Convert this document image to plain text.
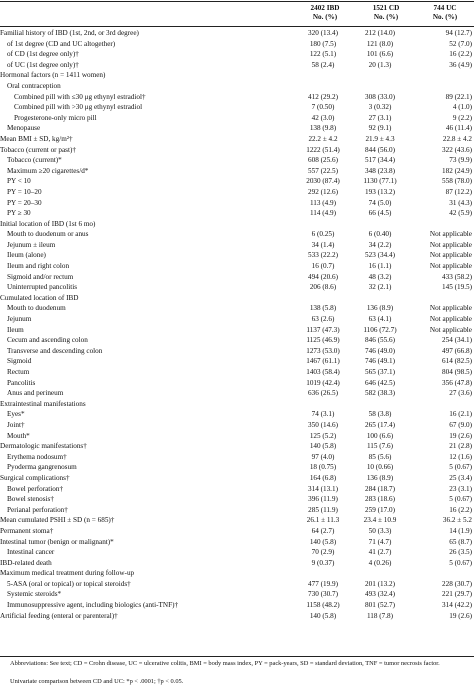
2402 IBD
No. (%)
1521 CD
No. (%)
744 UC
No. (%)
Familial history of IBD (1st, 2nd, or 3rd degree)	320 (13.4)	212 (14.0)	94 (12.7)
of 1st degree (CD and UC altogether)	180 (7.5)	121 (8.0)	52 (7.0)
of CD (1st degree only)†	122 (5.1)	101 (6.6)	16 (2.2)
of UC (1st degree only)†	58 (2.4)	20 (1.3)	36 (4.9)
Hormonal factors (n = 1411 women)			
Oral contraception			
Combined pill with ≤30 μg ethynyl estradiol†	412 (29.2)	308 (33.0)	89 (22.1)
Combined pill with >30 μg ethynyl estradiol	7 (0.50)	3 (0.32)	4 (1.0)
Progesterone-only micro pill	42 (3.0)	27 (3.1)	9 (2.2)
Menopause	138 (9.8)	92 (9.1)	46 (11.4)
Mean BMI ± SD, kg/m²†	22.2 ± 4.2	21.9 ± 4.3	22.8 ± 4.2
Tobacco (current or past)†	1222 (51.4)	844 (56.0)	322 (43.6)
Tobacco (current)*	608 (25.6)	517 (34.4)	73 (9.9)
Maximum ≥20 cigarettes/d*	557 (22.5)	348 (23.8)	182 (24.9)
PY < 10	2030 (87.4)	1130 (77.1)	558 (78.0)
PY = 10–20	292 (12.6)	193 (13.2)	87 (12.2)
PY = 20–30	113 (4.9)	74 (5.0)	31 (4.3)
PY ≥ 30	114 (4.9)	66 (4.5)	42 (5.9)
Initial location of IBD (1st 6 mo)			
Mouth to duodenum or anus	6 (0.25)	6 (0.40)	Not applicable
Jejunum ± ileum	34 (1.4)	34 (2.2)	Not applicable
Ileum (alone)	533 (22.2)	523 (34.4)	Not applicable
Ileum and right colon	16 (0.7)	16 (1.1)	Not applicable
Sigmoid and/or rectum	494 (20.6)	48 (3.2)	433 (58.2)
Uninterrupted pancolitis	206 (8.6)	32 (2.1)	145 (19.5)
Cumulated location of IBD			
Mouth to duodenum	138 (5.8)	136 (8.9)	Not applicable
Jejunum	63 (2.6)	63 (4.1)	Not applicable
Ileum	1137 (47.3)	1106 (72.7)	Not applicable
Cecum and ascending colon	1125 (46.9)	846 (55.6)	254 (34.1)
Transverse and descending colon	1273 (53.0)	746 (49.0)	497 (66.8)
Sigmoid	1467 (61.1)	746 (49.1)	614 (82.5)
Rectum	1403 (58.4)	565 (37.1)	804 (98.5)
Pancolitis	1019 (42.4)	646 (42.5)	356 (47.8)
Anus and perineum	636 (26.5)	582 (38.3)	27 (3.6)
Extraintestinal manifestations			
Eyes*	74 (3.1)	58 (3.8)	16 (2.1)
Joint†	350 (14.6)	265 (17.4)	67 (9.0)
Mouth*	125 (5.2)	100 (6.6)	19 (2.6)
Dermatologic manifestations†	140 (5.8)	115 (7.6)	21 (2.8)
Erythema nodosum†	97 (4.0)	85 (5.6)	12 (1.6)
Pyoderma gangrenosum	18 (0.75)	10 (0.66)	5 (0.67)
Surgical complications†	164 (6.8)	136 (8.9)	25 (3.4)
Bowel perforation†	314 (13.1)	284 (18.7)	23 (3.1)
Bowel stenosis†	396 (11.9)	283 (18.6)	5 (0.67)
Perianal perforation†	285 (11.9)	259 (17.0)	16 (2.2)
Mean cumulated PSHI ± SD (n = 685)†	26.1 ± 11.3	23.4 ± 10.9	36.2 ± 5.2
Permanent stoma†	64 (2.7)	50 (3.3)	14 (1.9)
Intestinal tumor (benign or malignant)*	140 (5.8)	71 (4.7)	65 (8.7)
Intestinal cancer	70 (2.9)	41 (2.7)	26 (3.5)
IBD-related death	9 (0.37)	4 (0.26)	5 (0.67)
Maximum medical treatment during follow-up			
5-ASA (oral or topical) or topical steroids†	477 (19.9)	201 (13.2)	228 (30.7)
Systemic steroids*	730 (30.7)	493 (32.4)	221 (29.7)
Immunosuppressive agent, including biologics (anti-TNF)†	1158 (48.2)	801 (52.7)	314 (42.2)
Artificial feeding (enteral or parenteral)†	140 (5.8)	118 (7.8)	19 (2.6)
Abbreviations: See text; CD = Crohn disease, UC = ulcerative colitis, BMI = body mass index, PY = pack-years, SD = standard deviation, TNF = tumor necrosis factor.
Univariate comparison between CD and UC: *p < .0001; †p < 0.05.
